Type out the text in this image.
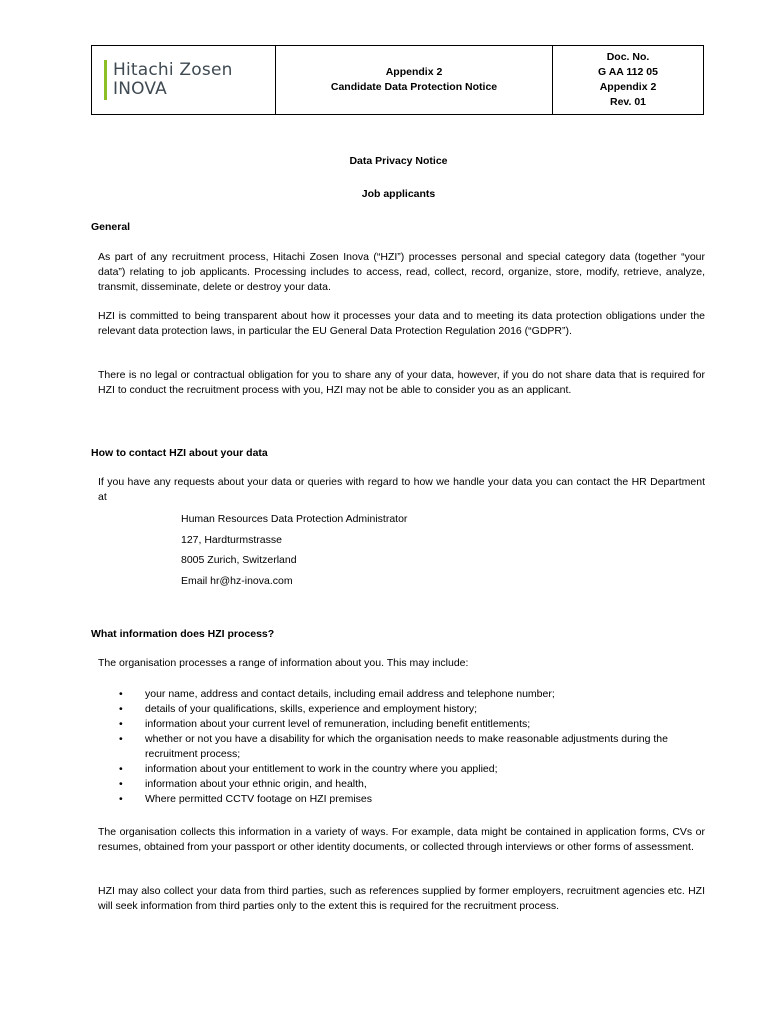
Hitachi Zosen
INOVA
Appendix 2
Candidate Data Protection Notice
Doc. No.
G AA 112 05
Appendix 2
Rev. 01
Data Privacy Notice
Job applicants
General
As part of any recruitment process, Hitachi Zosen Inova (“HZI”) processes personal and special category data (together “your data”) relating to job applicants. Processing includes to access, read, collect, record, organize, store, modify, retrieve, analyze, transmit, disseminate, delete or destroy your data.
HZI is committed to being transparent about how it processes your data and to meeting its data protection obligations under the relevant data protection laws, in particular the EU General Data Protection Regulation 2016 (“GDPR”).
There is no legal or contractual obligation for you to share any of your data, however, if you do not share data that is required for HZI to conduct the recruitment process with you, HZI may not be able to consider you as an applicant.
How to contact HZI about your data
If you have any requests about your data or queries with regard to how we handle your data you can contact the HR Department at
Human Resources Data Protection Administrator
127, Hardturmstrasse
8005 Zurich, Switzerland
Email hr@hz-inova.com
What information does HZI process?
The organisation processes a range of information about you. This may include:
• your name, address and contact details, including email address and telephone number;
• details of your qualifications, skills, experience and employment history;
• information about your current level of remuneration, including benefit entitlements;
• whether or not you have a disability for which the organisation needs to make reasonable adjustments during the recruitment process;
• information about your entitlement to work in the country where you applied;
• information about your ethnic origin, and health,
• Where permitted CCTV footage on HZI premises
The organisation collects this information in a variety of ways. For example, data might be contained in application forms, CVs or resumes, obtained from your passport or other identity documents, or collected through interviews or other forms of assessment.
HZI may also collect your data from third parties, such as references supplied by former employers, recruitment agencies etc. HZI will seek information from third parties only to the extent this is required for the recruitment process.
